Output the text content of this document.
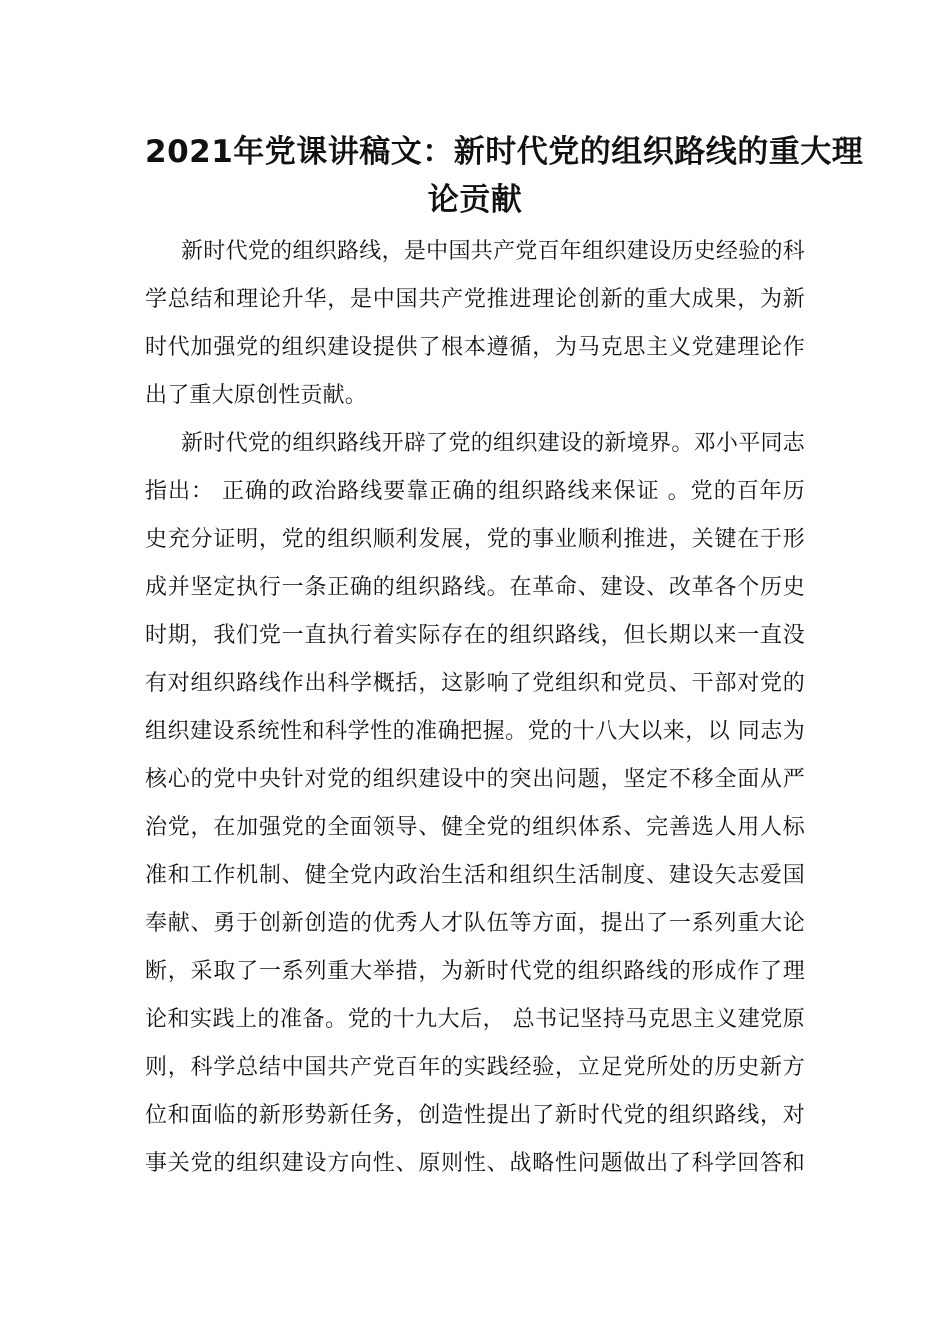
2021年党课讲稿文：新时代党的组织路线的重大理
论贡献
新时代党的组织路线，是中国共产党百年组织建设历史经验的科
学总结和理论升华，是中国共产党推进理论创新的重大成果，为新
时代加强党的组织建设提供了根本遵循，为马克思主义党建理论作
出了重大原创性贡献。
新时代党的组织路线开辟了党的组织建设的新境界。邓小平同志
指出： 正确的政治路线要靠正确的组织路线来保证 。党的百年历
史充分证明，党的组织顺利发展，党的事业顺利推进，关键在于形
成并坚定执行一条正确的组织路线。在革命、建设、改革各个历史
时期，我们党一直执行着实际存在的组织路线，但长期以来一直没
有对组织路线作出科学概括，这影响了党组织和党员、干部对党的
组织建设系统性和科学性的准确把握。党的十八大以来，以 同志为
核心的党中央针对党的组织建设中的突出问题，坚定不移全面从严
治党，在加强党的全面领导、健全党的组织体系、完善选人用人标
准和工作机制、健全党内政治生活和组织生活制度、建设矢志爱国
奉献、勇于创新创造的优秀人才队伍等方面，提出了一系列重大论
断，采取了一系列重大举措，为新时代党的组织路线的形成作了理
论和实践上的准备。党的十九大后， 总书记坚持马克思主义建党原
则，科学总结中国共产党百年的实践经验，立足党所处的历史新方
位和面临的新形势新任务，创造性提出了新时代党的组织路线，对
事关党的组织建设方向性、原则性、战略性问题做出了科学回答和
